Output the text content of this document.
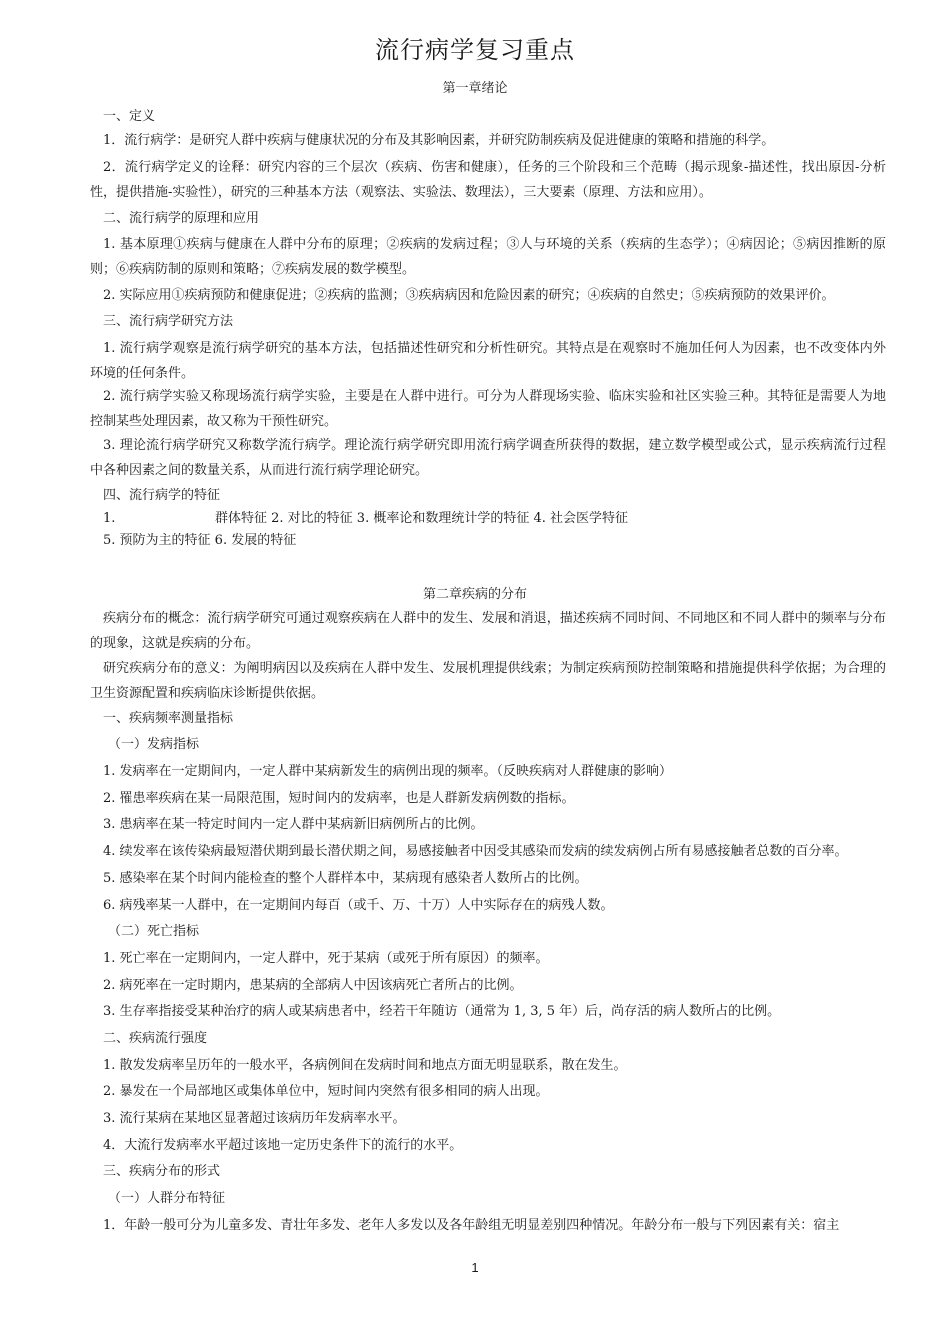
流行病学复习重点
第一章绪论
一、定义
1．流行病学：是研究人群中疾病与健康状况的分布及其影响因素，并研究防制疾病及促进健康的策略和措施的科学。
2．流行病学定义的诠释：研究内容的三个层次（疾病、伤害和健康），任务的三个阶段和三个范畴（揭示现象-描述性，找出原因-分析性，提供措施-实验性），研究的三种基本方法（观察法、实验法、数理法），三大要素（原理、方法和应用）。
二、流行病学的原理和应用
1. 基本原理①疾病与健康在人群中分布的原理；②疾病的发病过程；③人与环境的关系（疾病的生态学）；④病因论；⑤病因推断的原则；⑥疾病防制的原则和策略；⑦疾病发展的数学模型。
2. 实际应用①疾病预防和健康促进；②疾病的监测；③疾病病因和危险因素的研究；④疾病的自然史；⑤疾病预防的效果评价。
三、流行病学研究方法
1. 流行病学观察是流行病学研究的基本方法，包括描述性研究和分析性研究。其特点是在观察时不施加任何人为因素，也不改变体内外环境的任何条件。
2. 流行病学实验又称现场流行病学实验，主要是在人群中进行。可分为人群现场实验、临床实验和社区实验三种。其特征是需要人为地控制某些处理因素，故又称为干预性研究。
3. 理论流行病学研究又称数学流行病学。理论流行病学研究即用流行病学调查所获得的数据，建立数学模型或公式，显示疾病流行过程中各种因素之间的数量关系，从而进行流行病学理论研究。
四、流行病学的特征
1.	群体特征 2. 对比的特征 3. 概率论和数理统计学的特征 4. 社会医学特征
5. 预防为主的特征 6. 发展的特征
第二章疾病的分布
疾病分布的概念：流行病学研究可通过观察疾病在人群中的发生、发展和消退，描述疾病不同时间、不同地区和不同人群中的频率与分布的现象，这就是疾病的分布。
研究疾病分布的意义：为阐明病因以及疾病在人群中发生、发展机理提供线索；为制定疾病预防控制策略和措施提供科学依据；为合理的卫生资源配置和疾病临床诊断提供依据。
一、疾病频率测量指标
（一）发病指标
1. 发病率在一定期间内，一定人群中某病新发生的病例出现的频率。（反映疾病对人群健康的影响）
2. 罹患率疾病在某一局限范围，短时间内的发病率，也是人群新发病例数的指标。
3. 患病率在某一特定时间内一定人群中某病新旧病例所占的比例。
4. 续发率在该传染病最短潜伏期到最长潜伏期之间，易感接触者中因受其感染而发病的续发病例占所有易感接触者总数的百分率。
5. 感染率在某个时间内能检查的整个人群样本中，某病现有感染者人数所占的比例。
6. 病残率某一人群中，在一定期间内每百（或千、万、十万）人中实际存在的病残人数。
（二）死亡指标
1. 死亡率在一定期间内，一定人群中，死于某病（或死于所有原因）的频率。
2. 病死率在一定时期内，患某病的全部病人中因该病死亡者所占的比例。
3. 生存率指接受某种治疗的病人或某病患者中，经若干年随访（通常为 1, 3, 5 年）后，尚存活的病人数所占的比例。
二、疾病流行强度
1. 散发发病率呈历年的一般水平，各病例间在发病时间和地点方面无明显联系，散在发生。
2. 暴发在一个局部地区或集体单位中，短时间内突然有很多相同的病人出现。
3. 流行某病在某地区显著超过该病历年发病率水平。
4．大流行发病率水平超过该地一定历史条件下的流行的水平。
三、疾病分布的形式
（一）人群分布特征
1．年龄一般可分为儿童多发、青壮年多发、老年人多发以及各年龄组无明显差别四种情况。年龄分布一般与下列因素有关：宿主
1
